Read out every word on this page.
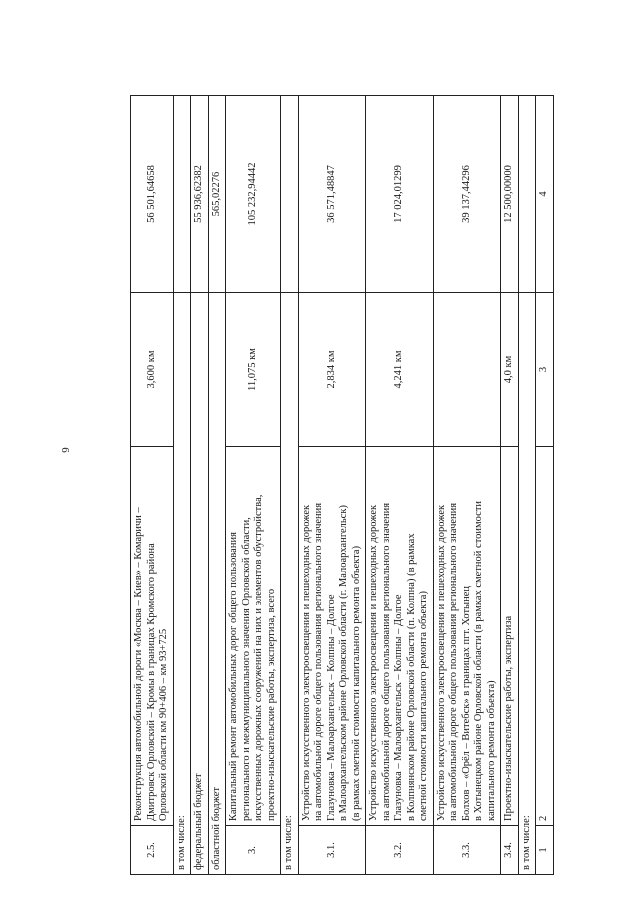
6
2.5.	Реконструкция автомобильной дороги «Москва – Киев» – Комаричи – Дмитровск Орловский – Кромы в границах Кромского района Орловской области км 90+406 – км 93+725	3,600 км	56 501,64658
в том числе:			
федеральный бюджет			55 936,62382
областной бюджет			565,02276
3.	Капитальный ремонт автомобильных дорог общего пользования регионального и межмуниципального значения Орловской области, искусственных дорожных сооружений на них и элементов обустройства, проектно-изыскательские работы, экспертиза, всего	11,075 км	105 232,94442
в том числе:			
3.1.	Устройство искусственного электроосвещения и пешеходных дорожек на автомобильной дороге общего пользования регионального значения Глазуновка – Малоархангельск – Колпны – Долгое в Малоархангельском районе Орловской области (г. Малоархангельск) (в рамках сметной стоимости капитального ремонта объекта)	2,834 км	36 571,48847
3.2.	Устройство искусственного электроосвещения и пешеходных дорожек на автомобильной дороге общего пользования регионального значения Глазуновка – Малоархангельск – Колпны – Долгое в Колпнянском районе Орловской области (п. Колпна) (в рамках сметной стоимости капитального ремонта объекта)	4,241 км	17 024,01299
3.3.	Устройство искусственного электроосвещения и пешеходных дорожек на автомобильной дороге общего пользования регионального значения Болхов – «Орёл – Витебск» в границах пгт. Хотынец в Хотынецком районе Орловской области (в рамках сметной стоимости капитального ремонта объекта)		39 137,44296
3.4.	Проектно-изыскательские работы, экспертиза	4,0 км	12 500,00000
в том числе:			
1	2	3	4
